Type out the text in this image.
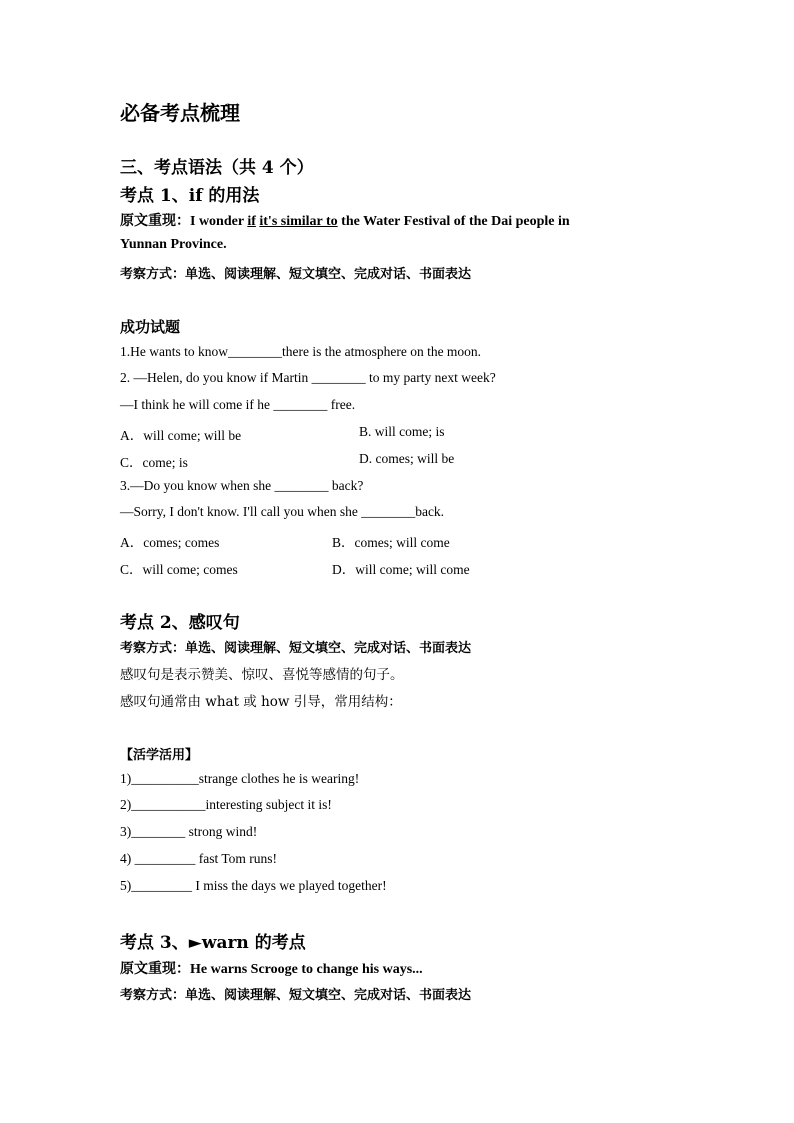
必备考点梳理
三、考点语法（共 4 个）
考点 1、if 的用法
原文重现：I wonder if it's similar to the Water Festival of the Dai people in
Yunnan Province.
考察方式：单选、阅读理解、短文填空、完成对话、书面表达
成功试题
1.He wants to know________there is the atmosphere on the moon.
2. —Helen, do you know if Martin ________ to my party next week?
—I think he will come if he ________ free.
A．will come; will be	B. will come; is
C．come; is	D. comes; will be
3.—Do you know when she ________ back?
—Sorry, I don't know. I'll call you when she ________back.
A．comes; comes	B．comes; will come
C．will come; comes	D．will come; will come
考点 2、感叹句
考察方式：单选、阅读理解、短文填空、完成对话、书面表达
感叹句是表示赞美、惊叹、喜悦等感情的句子。
感叹句通常由 what 或 how 引导，常用结构：
【活学活用】
1)__________strange clothes he is wearing!
2)___________interesting subject it is!
3)________ strong wind!
4) _________ fast Tom runs!
5)_________ I miss the days we played together!
考点 3、►warn 的考点
原文重现：He warns Scrooge to change his ways...
考察方式：单选、阅读理解、短文填空、完成对话、书面表达
